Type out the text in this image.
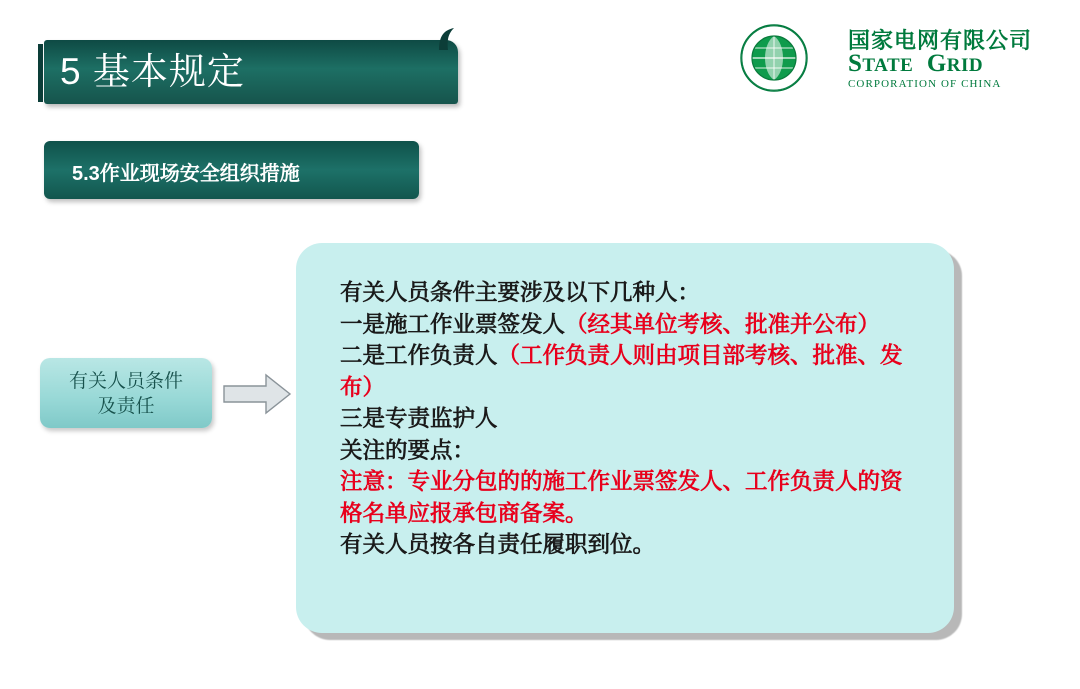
5 基本规定
5.3作业现场安全组织措施
有关人员条件
及责任
有关人员条件主要涉及以下几种人：
一是施工作业票签发人（经其单位考核、批准并公布）
二是工作负责人（工作负责人则由项目部考核、批准、发布）
三是专责监护人
关注的要点：
注意：专业分包的的施工作业票签发人、工作负责人的资格名单应报承包商备案。
有关人员按各自责任履职到位。
国家电网有限公司
STATE GRID
CORPORATION OF CHINA
